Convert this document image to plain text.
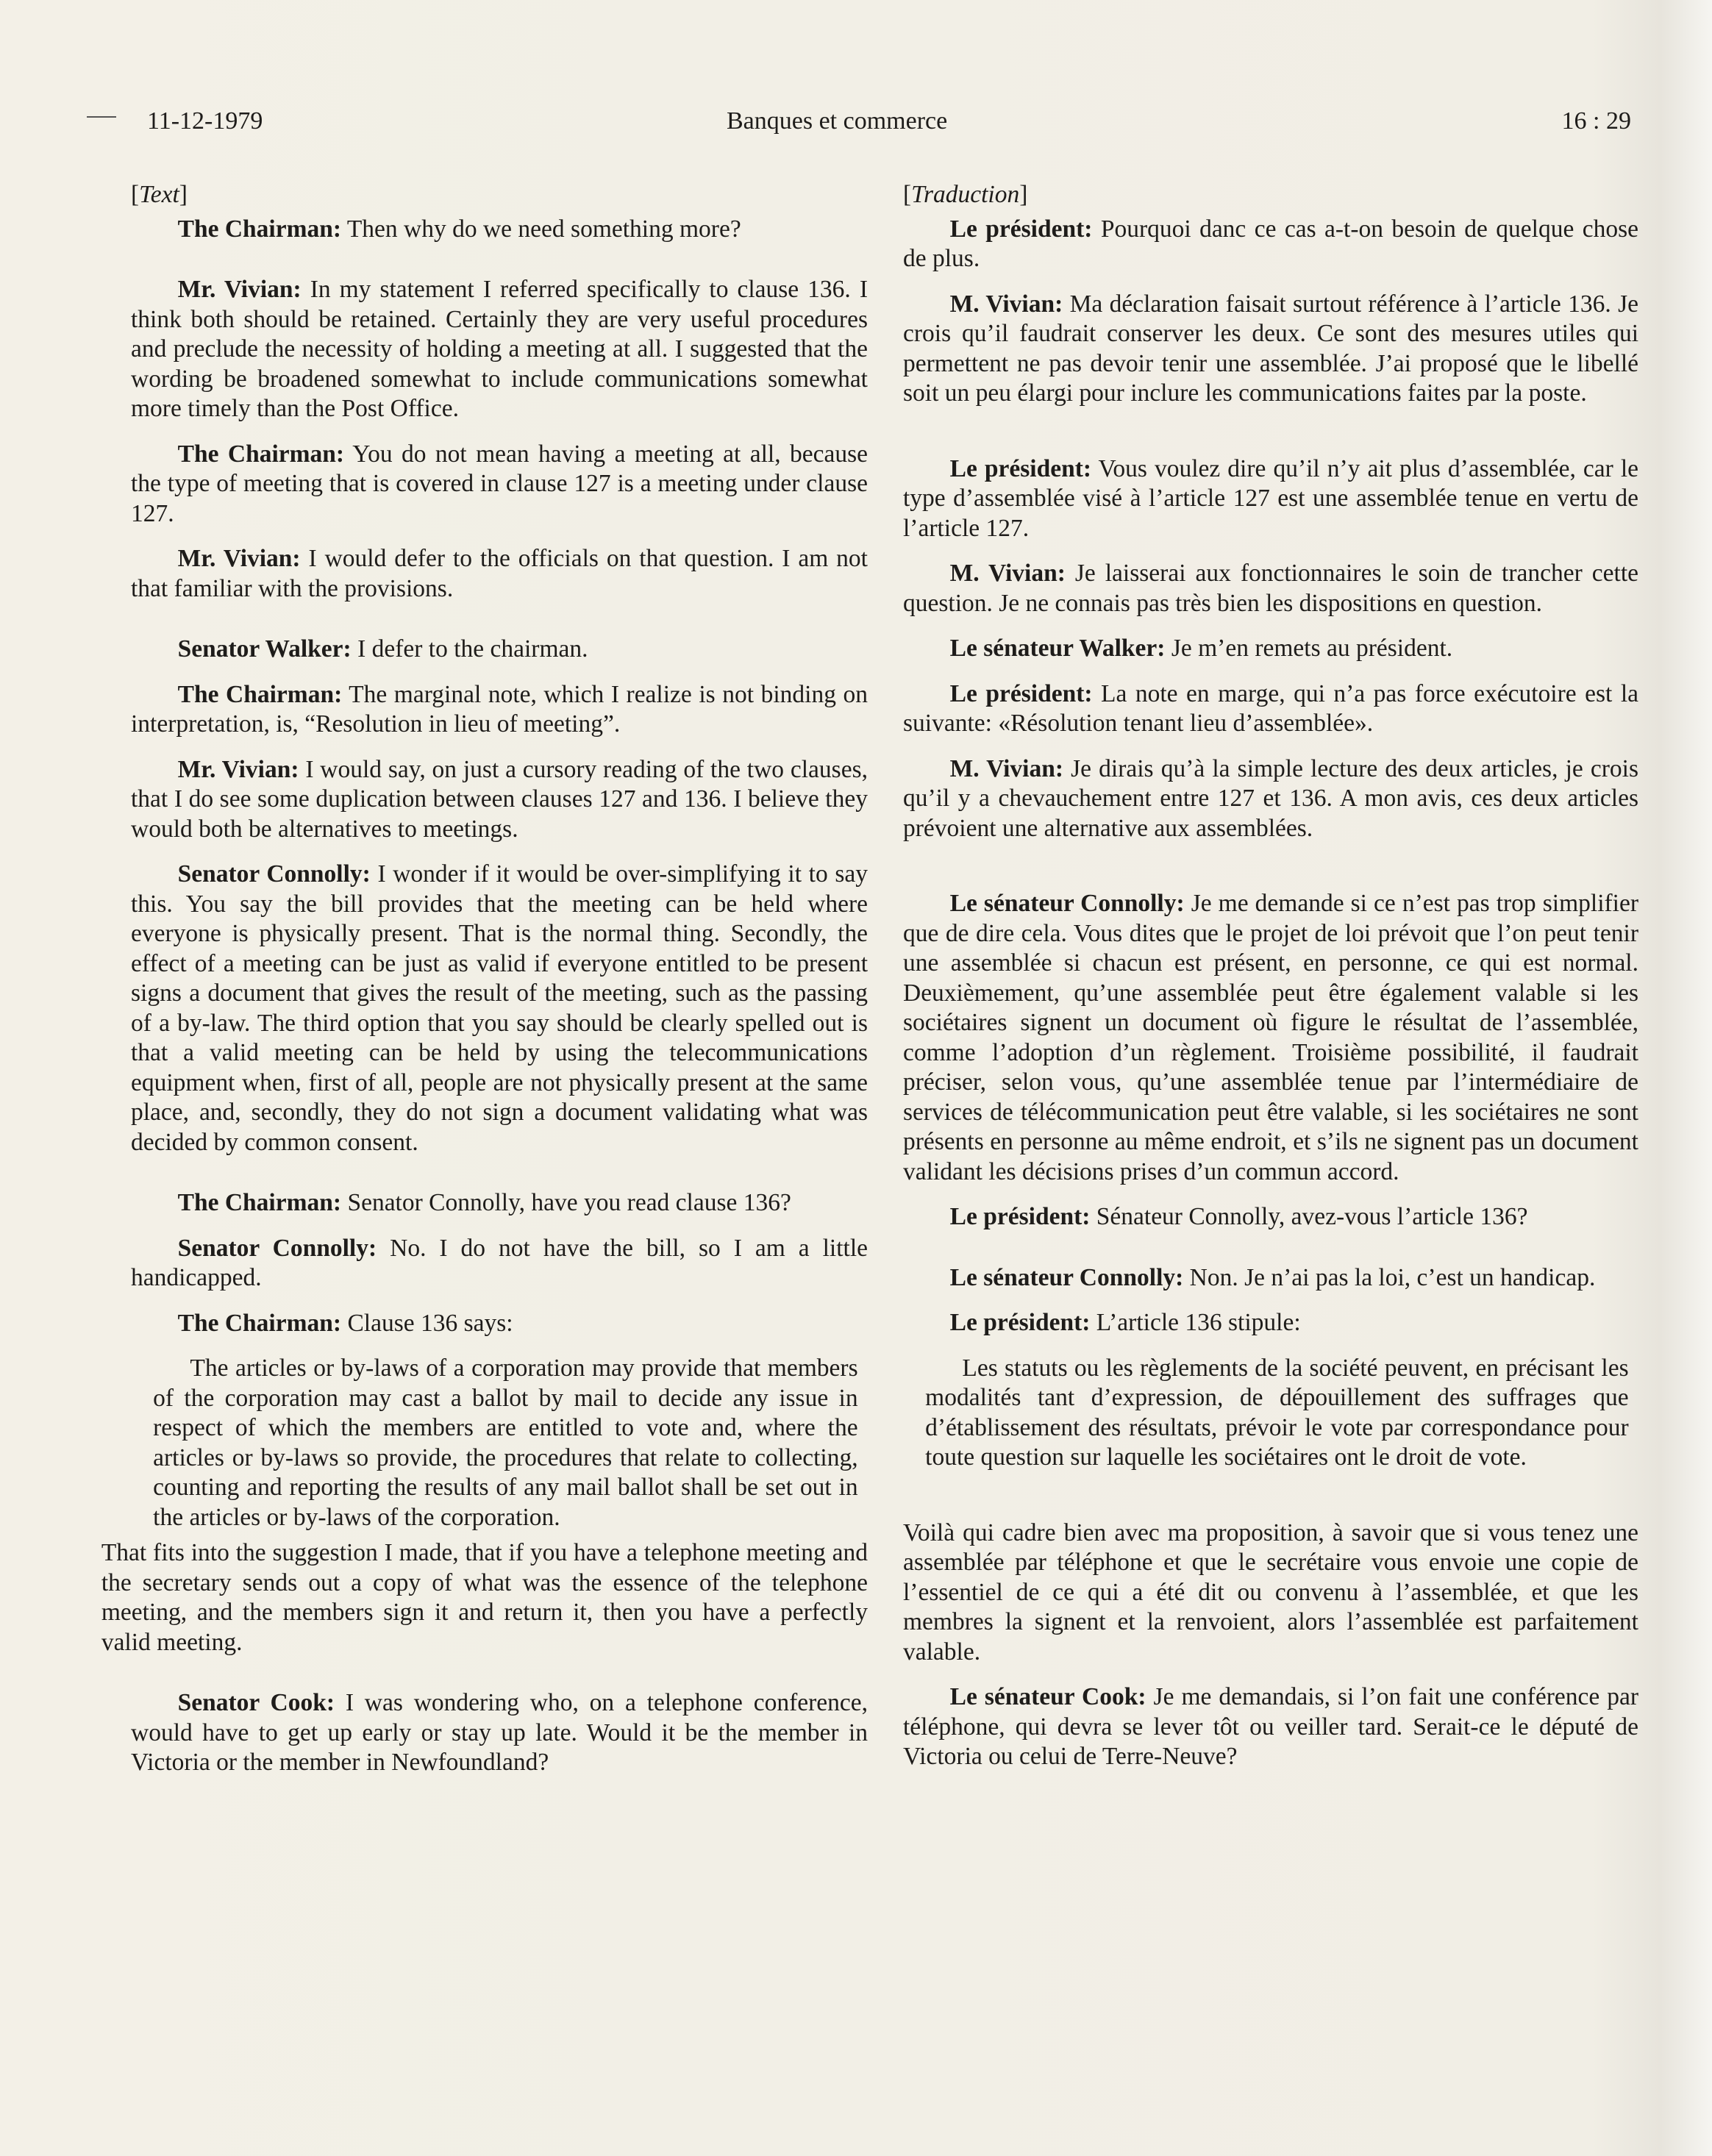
11-12-1979	Banques et commerce	16 : 29

[Text]

The Chairman: Then why do we need something more?

Mr. Vivian: In my statement I referred specifically to clause 136. I think both should be retained. Certainly they are very useful procedures and preclude the necessity of holding a meeting at all. I suggested that the wording be broadened somewhat to include communications somewhat more timely than the Post Office.

The Chairman: You do not mean having a meeting at all, because the type of meeting that is covered in clause 127 is a meeting under clause 127.

Mr. Vivian: I would defer to the officials on that question. I am not that familiar with the provisions.

Senator Walker: I defer to the chairman.

The Chairman: The marginal note, which I realize is not binding on interpretation, is, “Resolution in lieu of meeting”.

Mr. Vivian: I would say, on just a cursory reading of the two clauses, that I do see some duplication between clauses 127 and 136. I believe they would both be alternatives to meetings.

Senator Connolly: I wonder if it would be over-simplifying it to say this. You say the bill provides that the meeting can be held where everyone is physically present. That is the normal thing. Secondly, the effect of a meeting can be just as valid if everyone entitled to be present signs a document that gives the result of the meeting, such as the passing of a by-law. The third option that you say should be clearly spelled out is that a valid meeting can be held by using the telecommunications equipment when, first of all, people are not physically present at the same place, and, secondly, they do not sign a document validating what was decided by common consent.

The Chairman: Senator Connolly, have you read clause 136?

Senator Connolly: No. I do not have the bill, so I am a little handicapped.

The Chairman: Clause 136 says:

The articles or by-laws of a corporation may provide that members of the corporation may cast a ballot by mail to decide any issue in respect of which the members are entitled to vote and, where the articles or by-laws so provide, the procedures that relate to collecting, counting and reporting the results of any mail ballot shall be set out in the articles or by-laws of the corporation.

That fits into the suggestion I made, that if you have a telephone meeting and the secretary sends out a copy of what was the essence of the telephone meeting, and the members sign it and return it, then you have a perfectly valid meeting.

Senator Cook: I was wondering who, on a telephone conference, would have to get up early or stay up late. Would it be the member in Victoria or the member in Newfoundland?

[Traduction]

Le président: Pourquoi danc ce cas a-t-on besoin de quelque chose de plus.

M. Vivian: Ma déclaration faisait surtout référence à l’article 136. Je crois qu’il faudrait conserver les deux. Ce sont des mesures utiles qui permettent ne pas devoir tenir une assemblée. J’ai proposé que le libellé soit un peu élargi pour inclure les communications faites par la poste.

Le président: Vous voulez dire qu’il n’y ait plus d’assemblée, car le type d’assemblée visé à l’article 127 est une assemblée tenue en vertu de l’article 127.

M. Vivian: Je laisserai aux fonctionnaires le soin de trancher cette question. Je ne connais pas très bien les dispositions en question.

Le sénateur Walker: Je m’en remets au président.

Le président: La note en marge, qui n’a pas force exécutoire est la suivante: «Résolution tenant lieu d’assemblée».

M. Vivian: Je dirais qu’à la simple lecture des deux articles, je crois qu’il y a chevauchement entre 127 et 136. A mon avis, ces deux articles prévoient une alternative aux assemblées.

Le sénateur Connolly: Je me demande si ce n’est pas trop simplifier que de dire cela. Vous dites que le projet de loi prévoit que l’on peut tenir une assemblée si chacun est présent, en personne, ce qui est normal. Deuxièmement, qu’une assemblée peut être également valable si les sociétaires signent un document où figure le résultat de l’assemblée, comme l’adoption d’un règlement. Troisième possibilité, il faudrait préciser, selon vous, qu’une assemblée tenue par l’intermédiaire de services de télécommunication peut être valable, si les sociétaires ne sont présents en personne au même endroit, et s’ils ne signent pas un document validant les décisions prises d’un commun accord.

Le président: Sénateur Connolly, avez-vous l’article 136?

Le sénateur Connolly: Non. Je n’ai pas la loi, c’est un handicap.

Le président: L’article 136 stipule:

Les statuts ou les règlements de la société peuvent, en précisant les modalités tant d’expression, de dépouillement des suffrages que d’établissement des résultats, prévoir le vote par correspondance pour toute question sur laquelle les sociétaires ont le droit de vote.

Voilà qui cadre bien avec ma proposition, à savoir que si vous tenez une assemblée par téléphone et que le secrétaire vous envoie une copie de l’essentiel de ce qui a été dit ou convenu à l’assemblée, et que les membres la signent et la renvoient, alors l’assemblée est parfaitement valable.

Le sénateur Cook: Je me demandais, si l’on fait une conférence par téléphone, qui devra se lever tôt ou veiller tard. Serait-ce le député de Victoria ou celui de Terre-Neuve?
